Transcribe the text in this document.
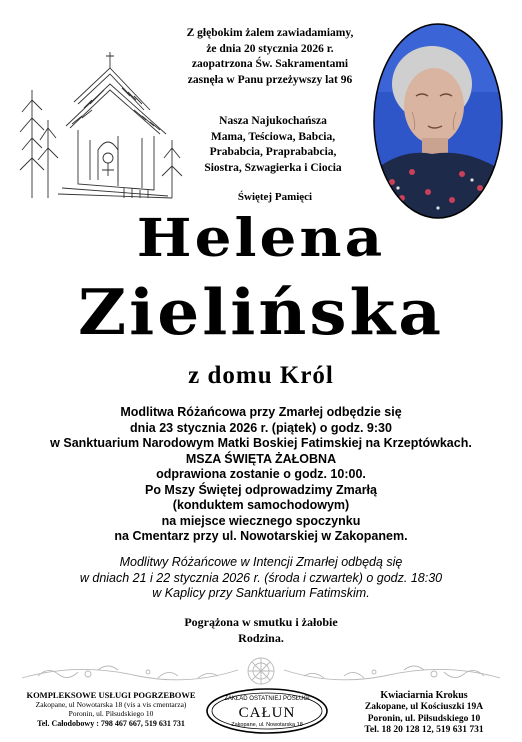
Z głębokim żalem zawiadamiamy,
że dnia 20 stycznia 2026 r.
zaopatrzona Św. Sakramentami
zasnęła w Panu przeżywszy lat 96
Nasza Najukochańsza
Mama, Teściowa, Babcia,
Prababcia, Praprababcia,
Siostra, Szwagierka i Ciocia
Świętej Pamięci
Helena
Zielińska
z domu Król
Modlitwa Różańcowa przy Zmarłej odbędzie się
dnia 23 stycznia 2026 r. (piątek) o godz. 9:30
w Sanktuarium Narodowym Matki Boskiej Fatimskiej na Krzeptówkach.
MSZA ŚWIĘTA ŻAŁOBNA
odprawiona zostanie o godz. 10:00.
Po Mszy Świętej odprowadzimy Zmarłą
(konduktem samochodowym)
na miejsce wiecznego spoczynku
na Cmentarz przy ul. Nowotarskiej w Zakopanem.
Modlitwy Różańcowe w Intencji Zmarłej odbędą się
w dniach 21 i 22 stycznia 2026 r. (środa i czwartek) o godz. 18:30
w Kaplicy przy Sanktuarium Fatimskim.
Pogrążona w smutku i żałobie
Rodzina.
KOMPLEKSOWE USŁUGI POGRZEBOWE
Zakopane, ul Nowotarska 18 (vis a vis cmentarza)
Poronin, ul. Piłsudskiego 10
Tel. Całodobowy : 798 467 667, 519 631 731
ZAKŁAD OSTATNIEJ POSŁUGI
CAŁUN
Zakopane, ul. Nowotarska 18
Kwiaciarnia Krokus
Zakopane, ul Kościuszki 19A
Poronin, ul. Piłsudskiego 10
Tel. 18 20 128 12, 519 631 731
